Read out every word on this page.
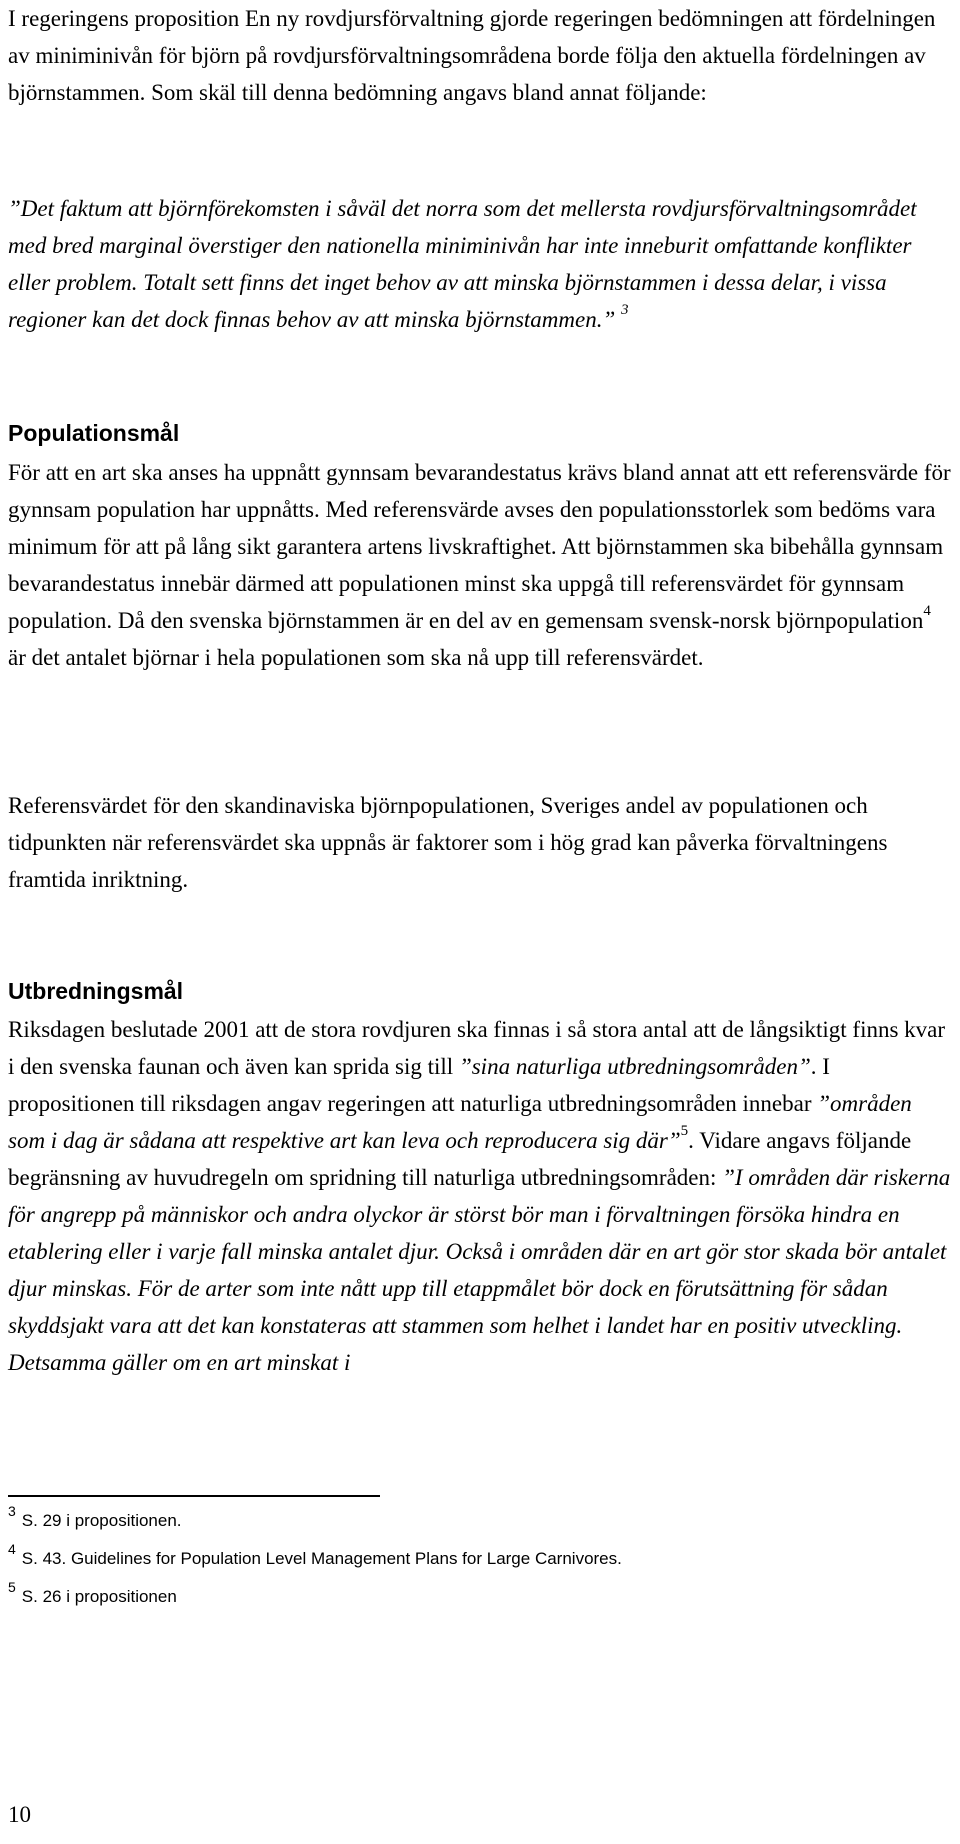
I regeringens proposition En ny rovdjursförvaltning gjorde regeringen bedömningen att fördelningen av miniminivån för björn på rovdjursförvaltningsområdena borde följa den aktuella fördelningen av björnstammen. Som skäl till denna bedömning angavs bland annat följande:

”Det faktum att björnförekomsten i såväl det norra som det mellersta rovdjursförvaltningsområdet med bred marginal överstiger den nationella miniminivån har inte inneburit omfattande konflikter eller problem. Totalt sett finns det inget behov av att minska björnstammen i dessa delar, i vissa regioner kan det dock finnas behov av att minska björnstammen.” $^3$

Populationsmål

För att en art ska anses ha uppnått gynnsam bevarandestatus krävs bland annat att ett referensvärde för gynnsam population har uppnåtts. Med referensvärde avses den populationsstorlek som bedöms vara minimum för att på lång sikt garantera artens livskraftighet. Att björnstammen ska bibehålla gynnsam bevarandestatus innebär därmed att populationen minst ska uppgå till referensvärdet för gynnsam population. Då den svenska björnstammen är en del av en gemensam svensk-norsk björnpopulation$^4$ är det antalet björnar i hela populationen som ska nå upp till referensvärdet.

Referensvärdet för den skandinaviska björnpopulationen, Sveriges andel av populationen och tidpunkten när referensvärdet ska uppnås är faktorer som i hög grad kan påverka förvaltningens framtida inriktning.

Utbredningsmål

Riksdagen beslutade 2001 att de stora rovdjuren ska finnas i så stora antal att de långsiktigt finns kvar i den svenska faunan och även kan sprida sig till ”sina naturliga utbredningsområden”. I propositionen till riksdagen angav regeringen att naturliga utbredningsområden innebar ”områden som i dag är sådana att respektive art kan leva och reproducera sig där”$^5$. Vidare angavs följande begränsning av huvudregeln om spridning till naturliga utbredningsområden: ”I områden där riskerna för angrepp på människor och andra olyckor är störst bör man i förvaltningen försöka hindra en etablering eller i varje fall minska antalet djur. Också i områden där en art gör stor skada bör antalet djur minskas. För de arter som inte nått upp till etappmålet bör dock en förutsättning för sådan skyddsjakt vara att det kan konstateras att stammen som helhet i landet har en positiv utveckling. Detsamma gäller om en art minskat i

$^3$ S. 29 i propositionen.
$^4$ S. 43. Guidelines for Population Level Management Plans for Large Carnivores.
$^5$ S. 26 i propositionen
10
